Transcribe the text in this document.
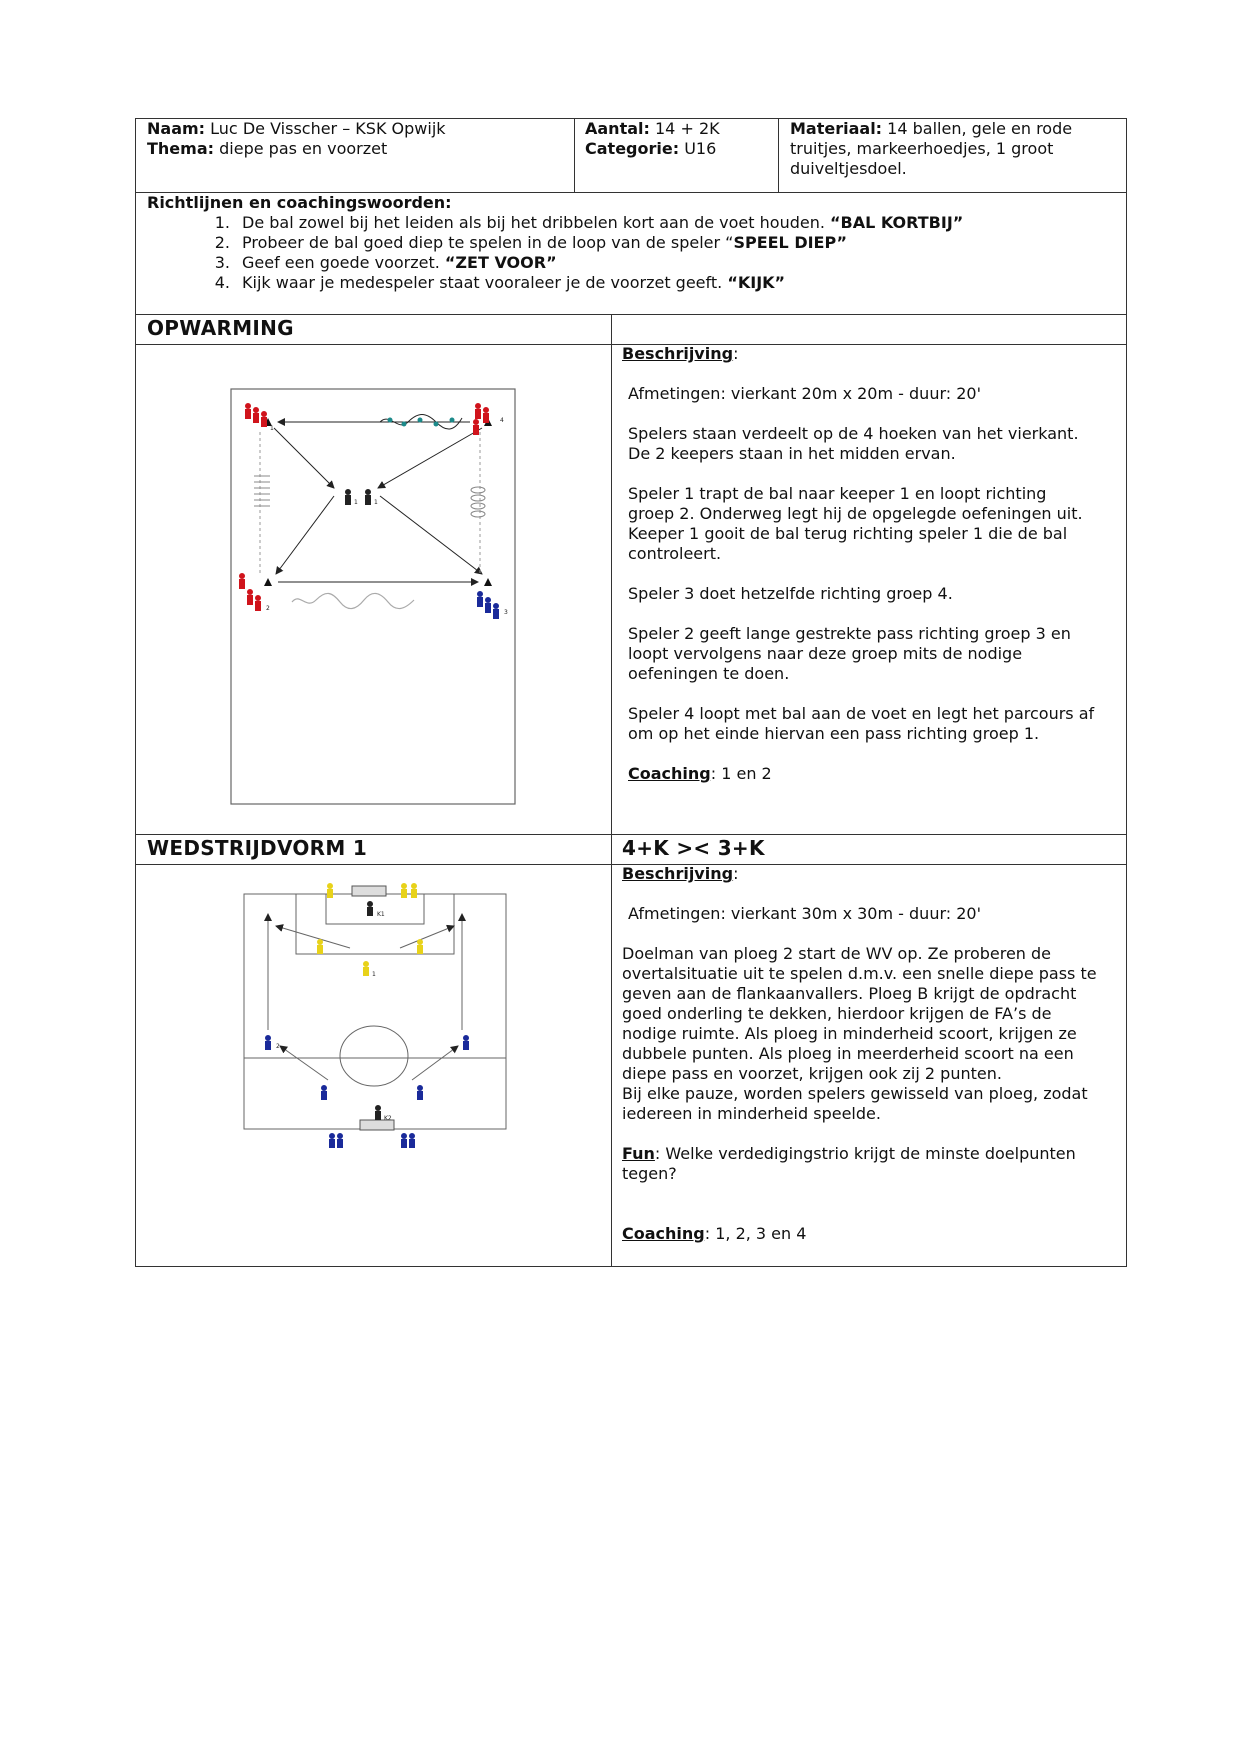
Naam: Luc De Visscher – KSK Opwijk
Thema: diepe pas en voorzet
Aantal: 14 + 2K
Categorie: U16
Materiaal: 14 ballen, gele en rode
truitjes, markeerhoedjes, 1 groot
duiveltjesdoel.
Richtlijnen en coachingswoorden:
1. De bal zowel bij het leiden als bij het dribbelen kort aan de voet houden. “BAL KORTBIJ”
2. Probeer de bal goed diep te spelen in de loop van de speler “SPEEL DIEP”
3. Geef een goede voorzet. “ZET VOOR”
4. Kijk waar je medespeler staat vooraleer je de voorzet geeft. “KIJK”
OPWARMING
1	1
1
4
2
3
Beschrijving:
Afmetingen: vierkant 20m x 20m - duur: 20'
Spelers staan verdeelt op de 4 hoeken van het vierkant.
De 2 keepers staan in het midden ervan.
Speler 1 trapt de bal naar keeper 1 en loopt richting
groep 2. Onderweg legt hij de opgelegde oefeningen uit.
Keeper 1 gooit de bal terug richting speler 1 die de bal
controleert.
Speler 3 doet hetzelfde richting groep 4.
Speler 2 geeft lange gestrekte pass richting groep 3 en
loopt vervolgens naar deze groep mits de nodige
oefeningen te doen.
Speler 4 loopt met bal aan de voet en legt het parcours af
om op het einde hiervan een pass richting groep 1.
Coaching: 1 en 2
WEDSTRIJDVORM 1	4+K >< 3+K
1
K1
K2
2
Beschrijving:
Afmetingen: vierkant 30m x 30m - duur: 20'
Doelman van ploeg 2 start de WV op. Ze proberen de
overtalsituatie uit te spelen d.m.v. een snelle diepe pass te
geven aan de flankaanvallers. Ploeg B krijgt de opdracht
goed onderling te dekken, hierdoor krijgen de FA’s de
nodige ruimte. Als ploeg in minderheid scoort, krijgen ze
dubbele punten. Als ploeg in meerderheid scoort na een
diepe pass en voorzet, krijgen ook zij 2 punten.
Bij elke pauze, worden spelers gewisseld van ploeg, zodat
iedereen in minderheid speelde.
Fun: Welke verdedigingstrio krijgt de minste doelpunten
tegen?
Coaching: 1, 2, 3 en 4
